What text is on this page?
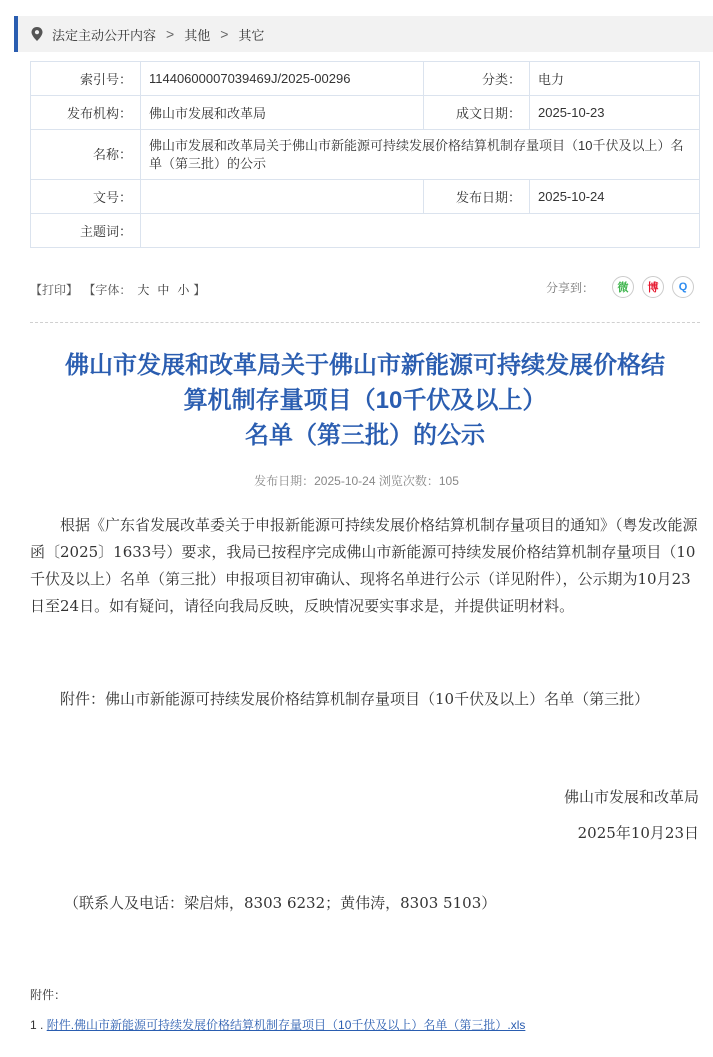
法定主动公开内容 > 其他 > 其它
索引号：	11440600007039469J/2025-00296	分类：	电力
发布机构：	佛山市发展和改革局	成文日期：	2025-10-23
名称：	佛山市发展和改革局关于佛山市新能源可持续发展价格结算机制存量项目（10千伏及以上）名单（第三批）的公示		
文号：		发布日期：	2025-10-24
主题词：			
【打印】 【字体： 大 中 小 】	分享到：	微	博	Q
佛山市发展和改革局关于佛山市新能源可持续发展价格结
算机制存量项目（10千伏及以上）
名单（第三批）的公示
发布日期：2025-10-24 浏览次数：105
根据《广东省发展改革委关于申报新能源可持续发展价格结算机制存量项目的通知》（粤发改能源函〔2025〕1633号）要求，我局已按程序完成佛山市新能源可持续发展价格结算机制存量项目（10千伏及以上）名单（第三批）申报项目初审确认、现将名单进行公示（详见附件），公示期为10月23日至24日。如有疑问，请径向我局反映，反映情况要实事求是，并提供证明材料。
附件：佛山市新能源可持续发展价格结算机制存量项目（10千伏及以上）名单（第三批）
佛山市发展和改革局
2025年10月23日
（联系人及电话：梁启炜，8303 6232；黄伟涛，8303 5103）
附件：
1 . 附件.佛山市新能源可持续发展价格结算机制存量项目（10千伏及以上）名单（第三批）.xls
